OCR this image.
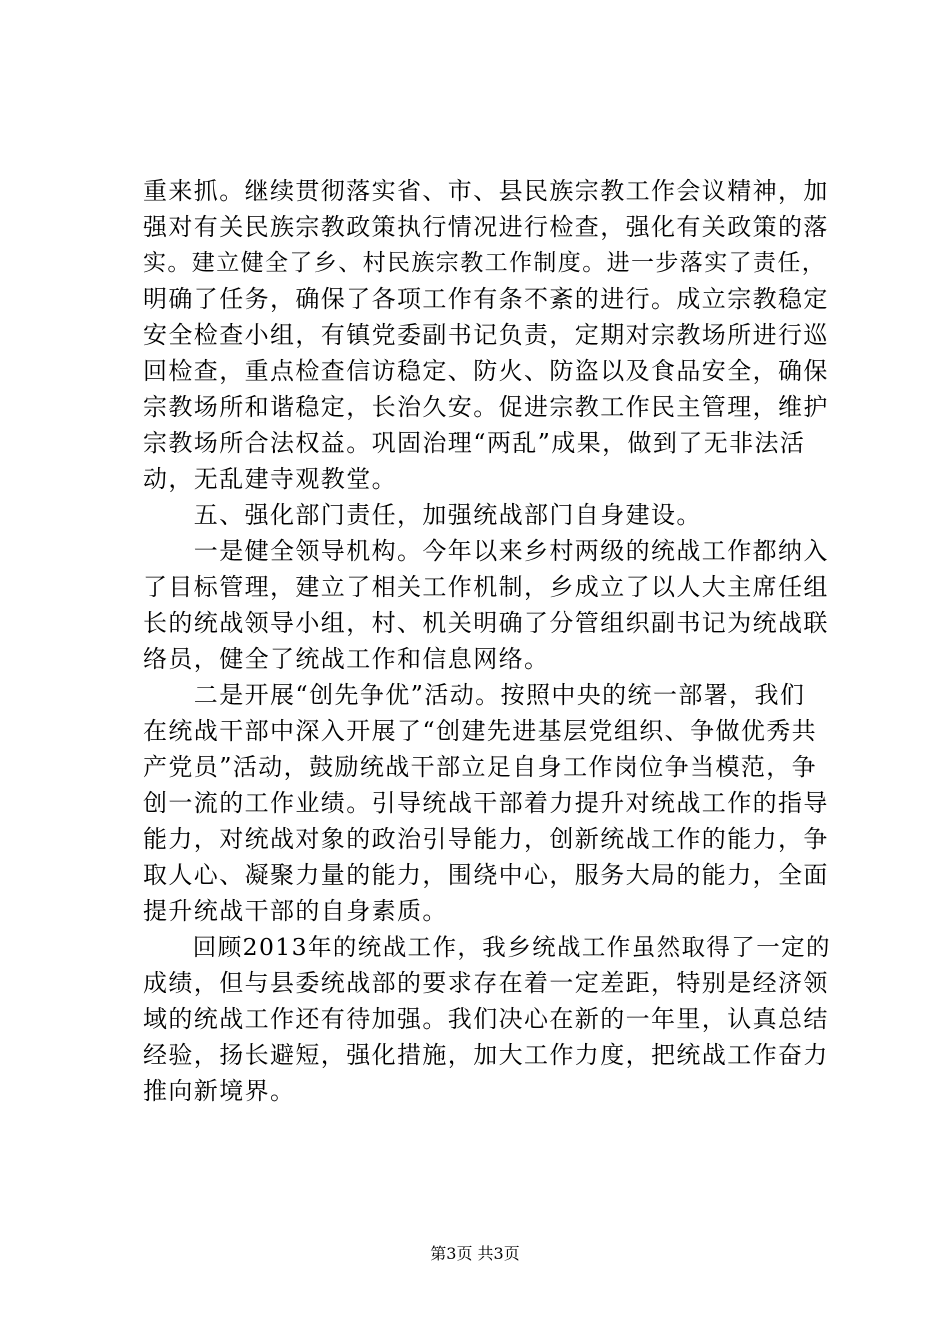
重来抓。继续贯彻落实省、市、县民族宗教工作会议精神，加
强对有关民族宗教政策执行情况进行检查，强化有关政策的落
实。建立健全了乡、村民族宗教工作制度。进一步落实了责任，
明确了任务，确保了各项工作有条不紊的进行。成立宗教稳定
安全检查小组，有镇党委副书记负责，定期对宗教场所进行巡
回检查，重点检查信访稳定、防火、防盗以及食品安全，确保
宗教场所和谐稳定，长治久安。促进宗教工作民主管理，维护
宗教场所合法权益。巩固治理“两乱”成果，做到了无非法活
动，无乱建寺观教堂。
　　五、强化部门责任，加强统战部门自身建设。
　　一是健全领导机构。今年以来乡村两级的统战工作都纳入
了目标管理，建立了相关工作机制，乡成立了以人大主席任组
长的统战领导小组，村、机关明确了分管组织副书记为统战联
络员，健全了统战工作和信息网络。
　　二是开展“创先争优”活动。按照中央的统一部署，我们
在统战干部中深入开展了“创建先进基层党组织、争做优秀共
产党员”活动，鼓励统战干部立足自身工作岗位争当模范，争
创一流的工作业绩。引导统战干部着力提升对统战工作的指导
能力，对统战对象的政治引导能力，创新统战工作的能力，争
取人心、凝聚力量的能力，围绕中心，服务大局的能力，全面
提升统战干部的自身素质。
　　回顾2013年的统战工作，我乡统战工作虽然取得了一定的
成绩，但与县委统战部的要求存在着一定差距，特别是经济领
域的统战工作还有待加强。我们决心在新的一年里，认真总结
经验，扬长避短，强化措施，加大工作力度，把统战工作奋力
推向新境界。
第3页 共3页
